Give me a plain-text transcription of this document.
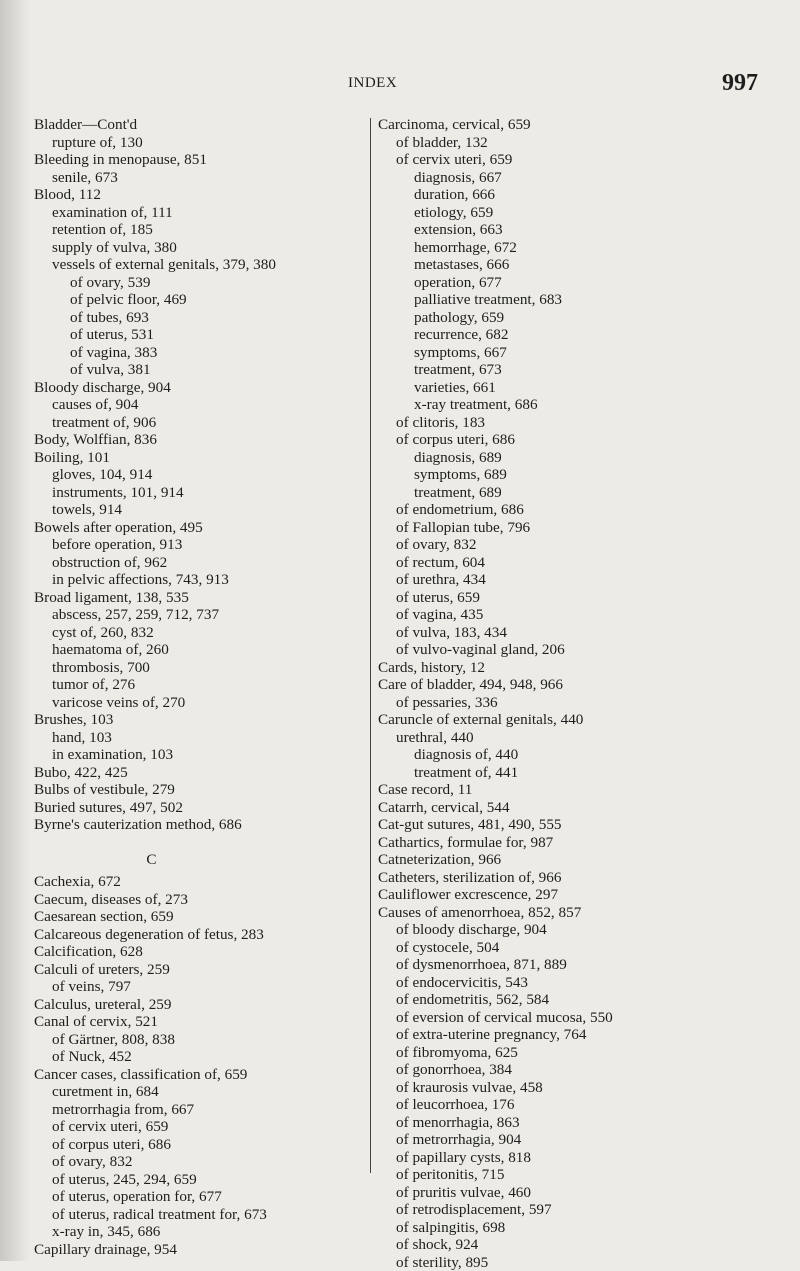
INDEX	997
Bladder—Cont'd
rupture of, 130
Bleeding in menopause, 851
senile, 673
Blood, 112
examination of, 111
retention of, 185
supply of vulva, 380
vessels of external genitals, 379, 380
of ovary, 539
of pelvic floor, 469
of tubes, 693
of uterus, 531
of vagina, 383
of vulva, 381
Bloody discharge, 904
causes of, 904
treatment of, 906
Body, Wolffian, 836
Boiling, 101
gloves, 104, 914
instruments, 101, 914
towels, 914
Bowels after operation, 495
before operation, 913
obstruction of, 962
in pelvic affections, 743, 913
Broad ligament, 138, 535
abscess, 257, 259, 712, 737
cyst of, 260, 832
haematoma of, 260
thrombosis, 700
tumor of, 276
varicose veins of, 270
Brushes, 103
hand, 103
in examination, 103
Bubo, 422, 425
Bulbs of vestibule, 279
Buried sutures, 497, 502
Byrne's cauterization method, 686
C
Cachexia, 672
Caecum, diseases of, 273
Caesarean section, 659
Calcareous degeneration of fetus, 283
Calcification, 628
Calculi of ureters, 259
of veins, 797
Calculus, ureteral, 259
Canal of cervix, 521
of Gärtner, 808, 838
of Nuck, 452
Cancer cases, classification of, 659
curetment in, 684
metrorrhagia from, 667
of cervix uteri, 659
of corpus uteri, 686
of ovary, 832
of uterus, 245, 294, 659
of uterus, operation for, 677
of uterus, radical treatment for, 673
x-ray in, 345, 686
Capillary drainage, 954
Carcinoma, cervical, 659
of bladder, 132
of cervix uteri, 659
diagnosis, 667
duration, 666
etiology, 659
extension, 663
hemorrhage, 672
metastases, 666
operation, 677
palliative treatment, 683
pathology, 659
recurrence, 682
symptoms, 667
treatment, 673
varieties, 661
x-ray treatment, 686
of clitoris, 183
of corpus uteri, 686
diagnosis, 689
symptoms, 689
treatment, 689
of endometrium, 686
of Fallopian tube, 796
of ovary, 832
of rectum, 604
of urethra, 434
of uterus, 659
of vagina, 435
of vulva, 183, 434
of vulvo-vaginal gland, 206
Cards, history, 12
Care of bladder, 494, 948, 966
of pessaries, 336
Caruncle of external genitals, 440
urethral, 440
diagnosis of, 440
treatment of, 441
Case record, 11
Catarrh, cervical, 544
Cat-gut sutures, 481, 490, 555
Cathartics, formulae for, 987
Catneterization, 966
Catheters, sterilization of, 966
Cauliflower excrescence, 297
Causes of amenorrhoea, 852, 857
of bloody discharge, 904
of cystocele, 504
of dysmenorrhoea, 871, 889
of endocervicitis, 543
of endometritis, 562, 584
of eversion of cervical mucosa, 550
of extra-uterine pregnancy, 764
of fibromyoma, 625
of gonorrhoea, 384
of kraurosis vulvae, 458
of leucorrhoea, 176
of menorrhagia, 863
of metrorrhagia, 904
of papillary cysts, 818
of peritonitis, 715
of pruritis vulvae, 460
of retrodisplacement, 597
of salpingitis, 698
of shock, 924
of sterility, 895
